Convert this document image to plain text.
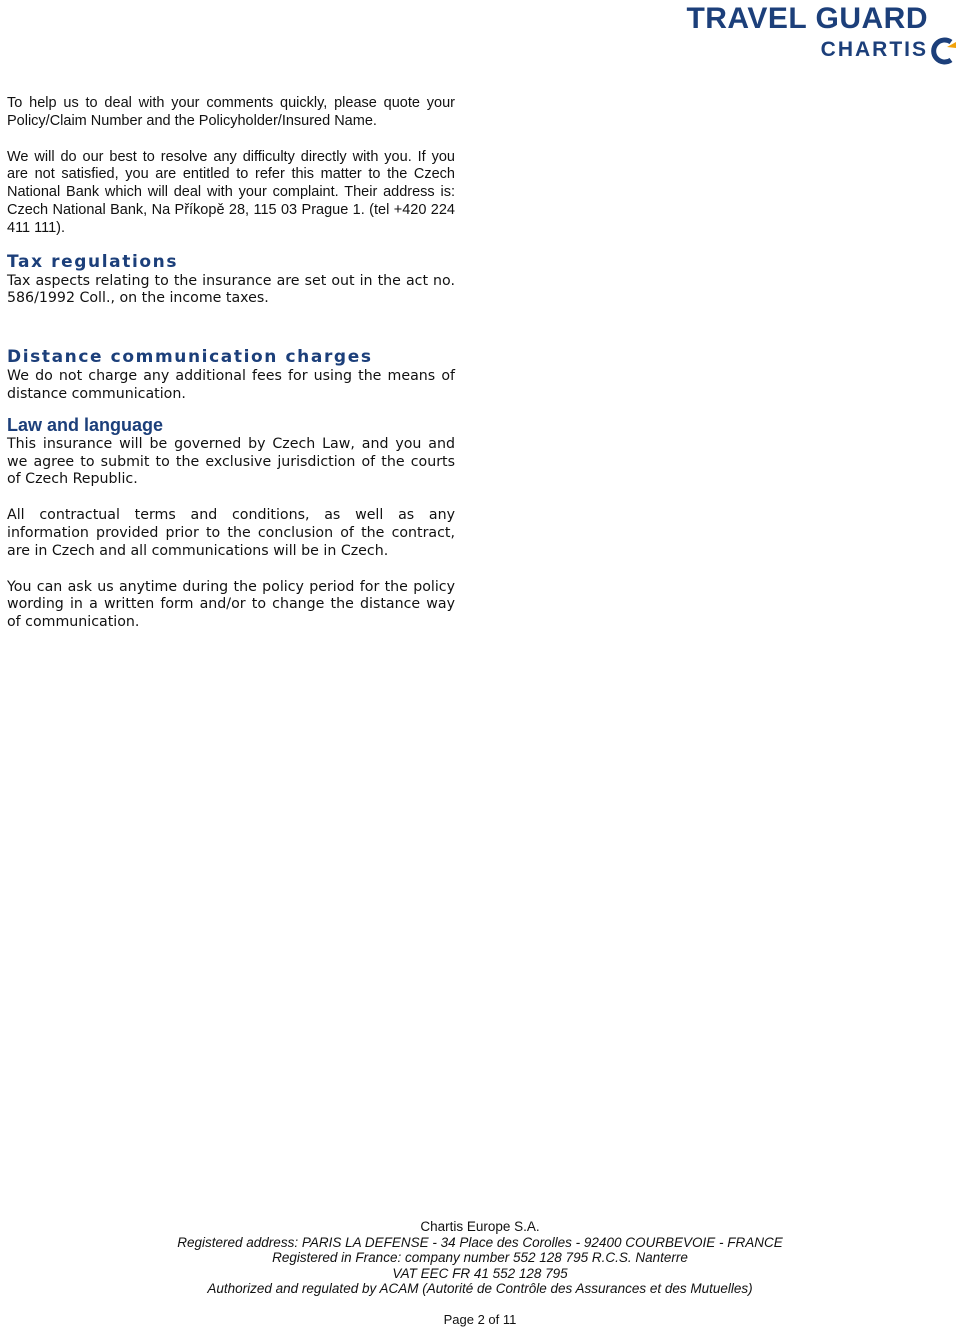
TRAVEL GUARD
CHARTIS

To help us to deal with your comments quickly, please quote your Policy/Claim Number and the Policyholder/Insured Name.

We will do our best to resolve any difficulty directly with you. If you are not satisfied, you are entitled to refer this matter to the Czech National Bank which will deal with your complaint. Their address is: Czech National Bank, Na Příkopě 28, 115 03 Prague 1. (tel +420 224 411 111).

Tax regulations

Tax aspects relating to the insurance are set out in the act no. 586/1992 Coll., on the income taxes.

Distance communication charges

We do not charge any additional fees for using the means of distance communication.

Law and language

This insurance will be governed by Czech Law, and you and we agree to submit to the exclusive jurisdiction of the courts of Czech Republic.

All contractual terms and conditions, as well as any information provided prior to the conclusion of the contract, are in Czech and all communications will be in Czech.

You can ask us anytime during the policy period for the policy wording in a written form and/or to change the distance way of communication.

Chartis Europe S.A.
Registered address: PARIS LA DEFENSE - 34 Place des Corolles - 92400 COURBEVOIE - FRANCE
Registered in France: company number 552 128 795 R.C.S. Nanterre
VAT EEC FR 41 552 128 795
Authorized and regulated by ACAM (Autorité de Contrôle des Assurances et des Mutuelles)
Page 2 of 11
